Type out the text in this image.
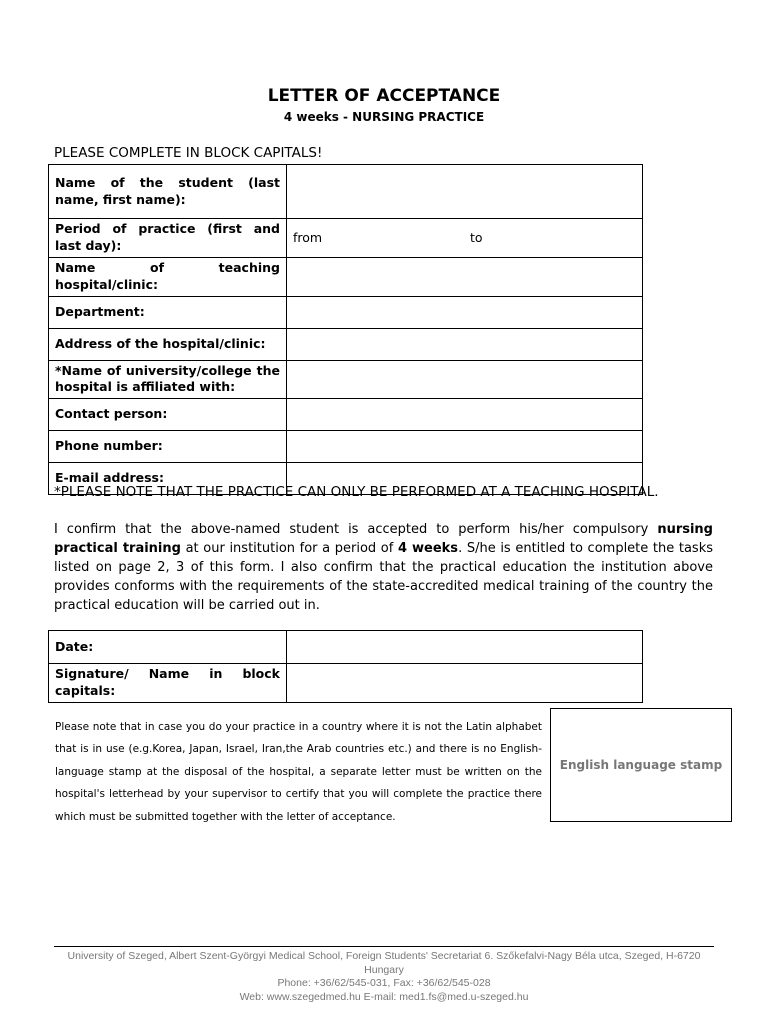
LETTER OF ACCEPTANCE
4 weeks - NURSING PRACTICE
PLEASE COMPLETE IN BLOCK CAPITALS!
Name of the student (last name, first name):	
Period of practice (first and last day):	from to

Name of teaching hospital/clinic:	
Department:	
Address of the hospital/clinic:	
*Name of university/college the hospital is affiliated with:	
Contact person:	
Phone number:	
E-mail address:	
*PLEASE NOTE THAT THE PRACTICE CAN ONLY BE PERFORMED AT A TEACHING HOSPITAL.
I confirm that the above-named student is accepted to perform his/her compulsory nursing practical training at our institution for a period of 4 weeks. S/he is entitled to complete the tasks listed on page 2, 3 of this form. I also confirm that the practical education the institution above provides conforms with the requirements of the state-accredited medical training of the country the practical education will be carried out in.
Date:	
Signature/ Name in block capitals:	
Please note that in case you do your practice in a country where it is not the Latin alphabet that is in use (e.g.Korea, Japan, Israel, Iran,the Arab countries etc.) and there is no English-language stamp at the disposal of the hospital, a separate letter must be written on the hospital's letterhead by your supervisor to certify that you will complete the practice there which must be submitted together with the letter of acceptance.
English language stamp
University of Szeged, Albert Szent-Györgyi Medical School, Foreign Students' Secretariat 6. Szőkefalvi-Nagy Béla utca, Szeged, H-6720 Hungary
Phone: +36/62/545-031, Fax: +36/62/545-028
Web: www.szegedmed.hu E-mail: med1.fs@med.u-szeged.hu
